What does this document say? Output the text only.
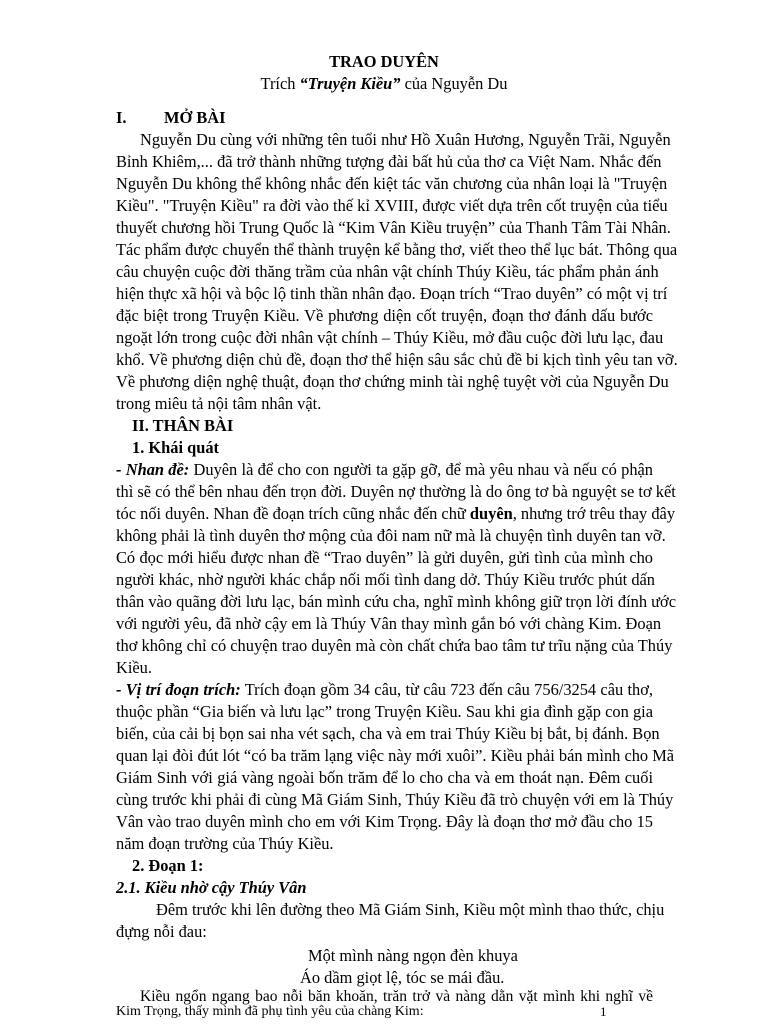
TRAO DUYÊN
Trích “Truyện Kiều” của Nguyễn Du
I. MỞ BÀI
Nguyễn Du cùng với những tên tuổi như Hồ Xuân Hương, Nguyễn Trãi, Nguyễn
Bỉnh Khiêm,... đã trở thành những tượng đài bất hủ của thơ ca Việt Nam. Nhắc đến
Nguyễn Du không thể không nhắc đến kiệt tác văn chương của nhân loại là "Truyện
Kiều". "Truyện Kiều" ra đời vào thế kỉ XVIII, được viết dựa trên cốt truyện của tiểu
thuyết chương hồi Trung Quốc là “Kim Vân Kiều truyện” của Thanh Tâm Tài Nhân.
Tác phẩm được chuyển thể thành truyện kể bằng thơ, viết theo thể lục bát. Thông qua
câu chuyện cuộc đời thăng trầm của nhân vật chính Thúy Kiều, tác phẩm phản ánh
hiện thực xã hội và bộc lộ tinh thần nhân đạo. Đoạn trích “Trao duyên” có một vị trí
đặc biệt trong Truyện Kiều. Về phương diện cốt truyện, đoạn thơ đánh dấu bước
ngoặt lớn trong cuộc đời nhân vật chính – Thúy Kiều, mở đầu cuộc đời lưu lạc, đau
khổ. Về phương diện chủ đề, đoạn thơ thể hiện sâu sắc chủ đề bi kịch tình yêu tan vỡ.
Về phương diện nghệ thuật, đoạn thơ chứng minh tài nghệ tuyệt vời của Nguyễn Du
trong miêu tả nội tâm nhân vật.
II. THÂN BÀI
1. Khái quát
- Nhan đề: Duyên là để cho con người ta gặp gỡ, để mà yêu nhau và nếu có phận
thì sẽ có thể bên nhau đến trọn đời. Duyên nợ thường là do ông tơ bà nguyệt se tơ kết
tóc nối duyên. Nhan đề đoạn trích cũng nhắc đến chữ duyên, nhưng trớ trêu thay đây
không phải là tình duyên thơ mộng của đôi nam nữ mà là chuyện tình duyên tan vỡ.
Có đọc mới hiểu được nhan đề “Trao duyên” là gửi duyên, gửi tình của mình cho
người khác, nhờ người khác chắp nối mối tình dang dở. Thúy Kiều trước phút dấn
thân vào quãng đời lưu lạc, bán mình cứu cha, nghĩ mình không giữ trọn lời đính ước
với người yêu, đã nhờ cậy em là Thúy Vân thay mình gắn bó với chàng Kim. Đoạn
thơ không chỉ có chuyện trao duyên mà còn chất chứa bao tâm tư trĩu nặng của Thúy
Kiều.
- Vị trí đoạn trích: Trích đoạn gồm 34 câu, từ câu 723 đến câu 756/3254 câu thơ,
thuộc phần “Gia biến và lưu lạc” trong Truyện Kiều. Sau khi gia đình gặp con gia
biến, của cải bị bọn sai nha vét sạch, cha và em trai Thúy Kiều bị bắt, bị đánh. Bọn
quan lại đòi đút lót “có ba trăm lạng việc này mới xuôi”. Kiều phải bán mình cho Mã
Giám Sinh với giá vàng ngoài bốn trăm để lo cho cha và em thoát nạn. Đêm cuối
cùng trước khi phải đi cùng Mã Giám Sinh, Thúy Kiều đã trò chuyện với em là Thúy
Vân vào trao duyên mình cho em với Kim Trọng. Đây là đoạn thơ mở đầu cho 15
năm đoạn trường của Thúy Kiều.
2. Đoạn 1:
2.1. Kiều nhờ cậy Thúy Vân
Đêm trước khi lên đường theo Mã Giám Sinh, Kiều một mình thao thức, chịu
đựng nỗi đau:
Một mình nàng ngọn đèn khuya
Áo dầm giọt lệ, tóc se mái đầu.
Kiều ngổn ngang bao nỗi băn khoăn, trăn trở và nàng dằn vặt mình khi nghĩ về
Kim Trọng, thấy mình đã phụ tình yêu của chàng Kim:	1
